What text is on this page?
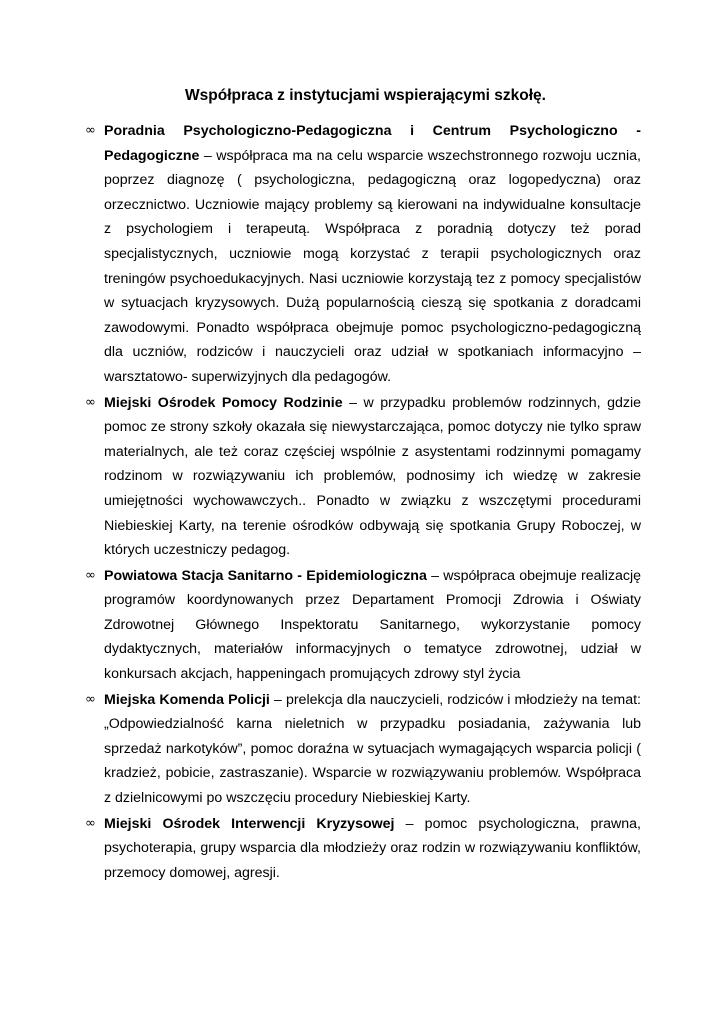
Współpraca z instytucjami wspierającymi szkołę.
∞ Poradnia Psychologiczno-Pedagogiczna i Centrum Psychologiczno - Pedagogiczne – współpraca ma na celu wsparcie wszechstronnego rozwoju ucznia, poprzez diagnozę ( psychologiczna, pedagogiczną oraz logopedyczna) oraz orzecznictwo. Uczniowie mający problemy są kierowani na indywidualne konsultacje z psychologiem i terapeutą. Współpraca z poradnią dotyczy też porad specjalistycznych, uczniowie mogą korzystać z terapii psychologicznych oraz treningów psychoedukacyjnych. Nasi uczniowie korzystają tez z pomocy specjalistów w sytuacjach kryzysowych. Dużą popularnością cieszą się spotkania z doradcami zawodowymi. Ponadto współpraca obejmuje pomoc psychologiczno-pedagogiczną dla uczniów, rodziców i nauczycieli oraz udział w spotkaniach informacyjno –warsztatowo- superwizyjnych dla pedagogów.
∞ Miejski Ośrodek Pomocy Rodzinie – w przypadku problemów rodzinnych, gdzie pomoc ze strony szkoły okazała się niewystarczająca, pomoc dotyczy nie tylko spraw materialnych, ale też coraz częściej wspólnie z asystentami rodzinnymi pomagamy rodzinom w rozwiązywaniu ich problemów, podnosimy ich wiedzę w zakresie umiejętności wychowawczych.. Ponadto w związku z wszczętymi procedurami Niebieskiej Karty, na terenie ośrodków odbywają się spotkania Grupy Roboczej, w których uczestniczy pedagog.
∞ Powiatowa Stacja Sanitarno - Epidemiologiczna – współpraca obejmuje realizację programów koordynowanych przez Departament Promocji Zdrowia i Oświaty Zdrowotnej Głównego Inspektoratu Sanitarnego, wykorzystanie pomocy dydaktycznych, materiałów informacyjnych o tematyce zdrowotnej, udział w konkursach akcjach, happeningach promujących zdrowy styl życia
∞ Miejska Komenda Policji – prelekcja dla nauczycieli, rodziców i młodzieży na temat: „Odpowiedzialność karna nieletnich w przypadku posiadania, zażywania lub sprzedaż narkotyków”, pomoc doraźna w sytuacjach wymagających wsparcia policji ( kradzież, pobicie, zastraszanie). Wsparcie w rozwiązywaniu problemów. Współpraca z dzielnicowymi po wszczęciu procedury Niebieskiej Karty.
∞ Miejski Ośrodek Interwencji Kryzysowej – pomoc psychologiczna, prawna, psychoterapia, grupy wsparcia dla młodzieży oraz rodzin w rozwiązywaniu konfliktów, przemocy domowej, agresji.
